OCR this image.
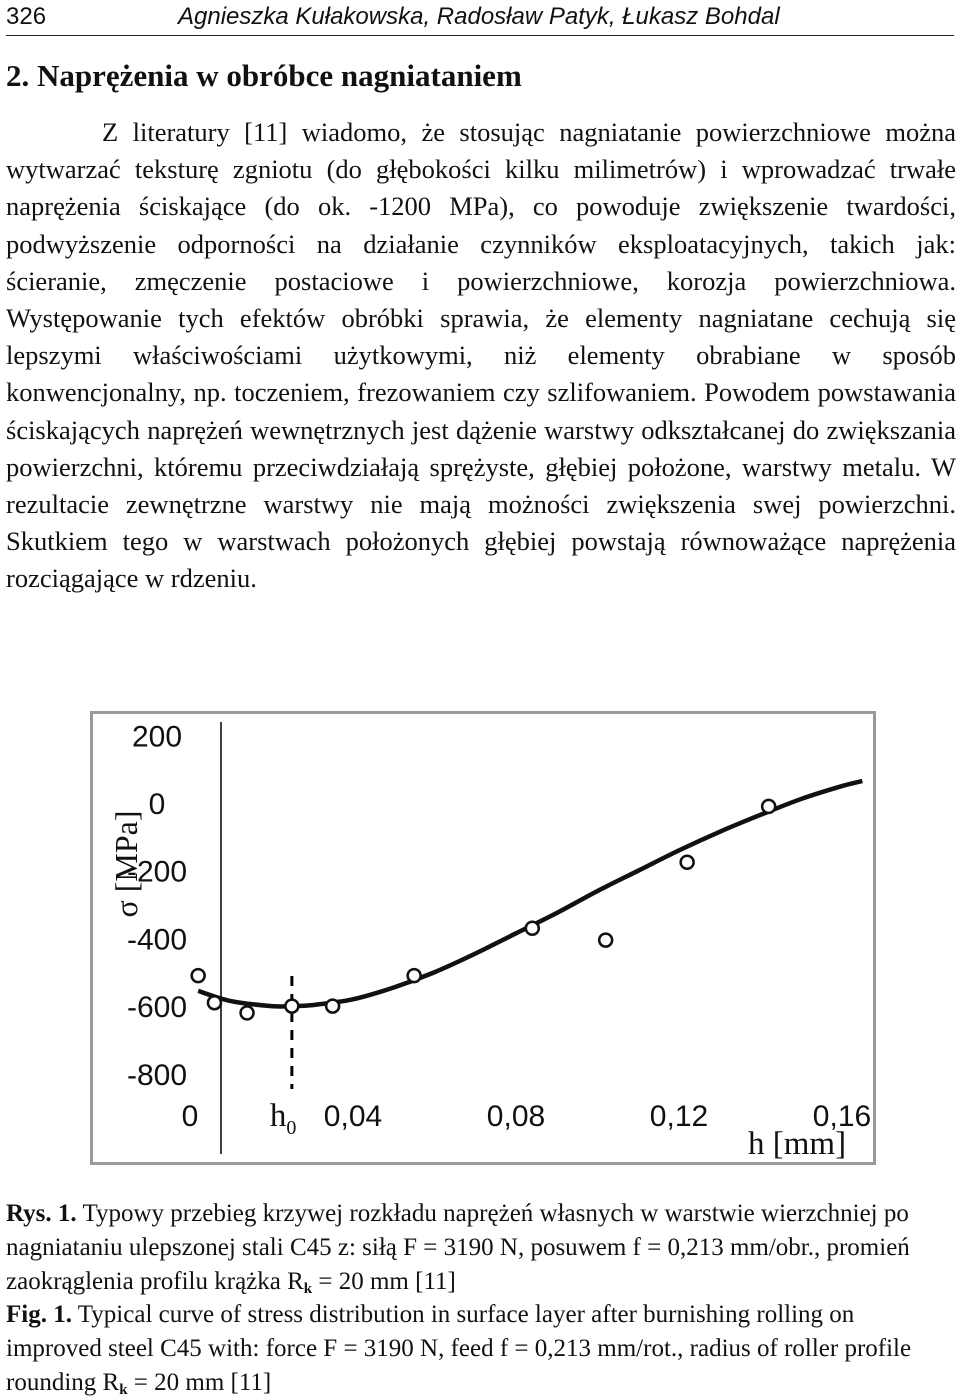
326	Agnieszka Kułakowska, Radosław Patyk, Łukasz Bohdal
2. Naprężenia w obróbce nagniataniem

Z literatury [11] wiadomo, że stosując nagniatanie powierzchniowe można wytwarzać teksturę zgniotu (do głębokości kilku milimetrów) i wprowadzać trwałe naprężenia ściskające (do ok. -1200 MPa), co powoduje zwiększenie twardości, podwyższenie odporności na działanie czynników eksploatacyjnych, takich jak: ścieranie, zmęczenie postaciowe i powierzchniowe, korozja powierzchniowa. Występowanie tych efektów obróbki sprawia, że elementy nagniatane cechują się lepszymi właściwościami użytkowymi, niż elementy obrabiane w sposób konwencjonalny, np. toczeniem, frezowaniem czy szlifowaniem. Powodem powstawania ściskających naprężeń wewnętrznych jest dążenie warstwy odkształcanej do zwiększania powierzchni, któremu przeciwdziałają sprężyste, głębiej położone, warstwy metalu. W rezultacie zewnętrzne warstwy nie mają możności zwiększenia swej powierzchni. Skutkiem tego w warstwach położonych głębiej powstają równoważące naprężenia rozciągające w rdzeniu.

200
0
-200
-400
-600
-800
0	0,04	0,08	0,12	0,16
σ [MPa]
h [mm]
$h_0$

Rys. 1. Typowy przebieg krzywej rozkładu naprężeń własnych w warstwie wierzchniej po nagniataniu ulepszonej stali C45 z: siłą F = 3190 N, posuwem f = 0,213 mm/obr., promień zaokrąglenia profilu krążka $R_k = 20$ mm [11]

Fig. 1. Typical curve of stress distribution in surface layer after burnishing rolling on improved steel C45 with: force F = 3190 N, feed f = 0,213 mm/rot., radius of roller profile rounding $R_k = 20$ mm [11]
